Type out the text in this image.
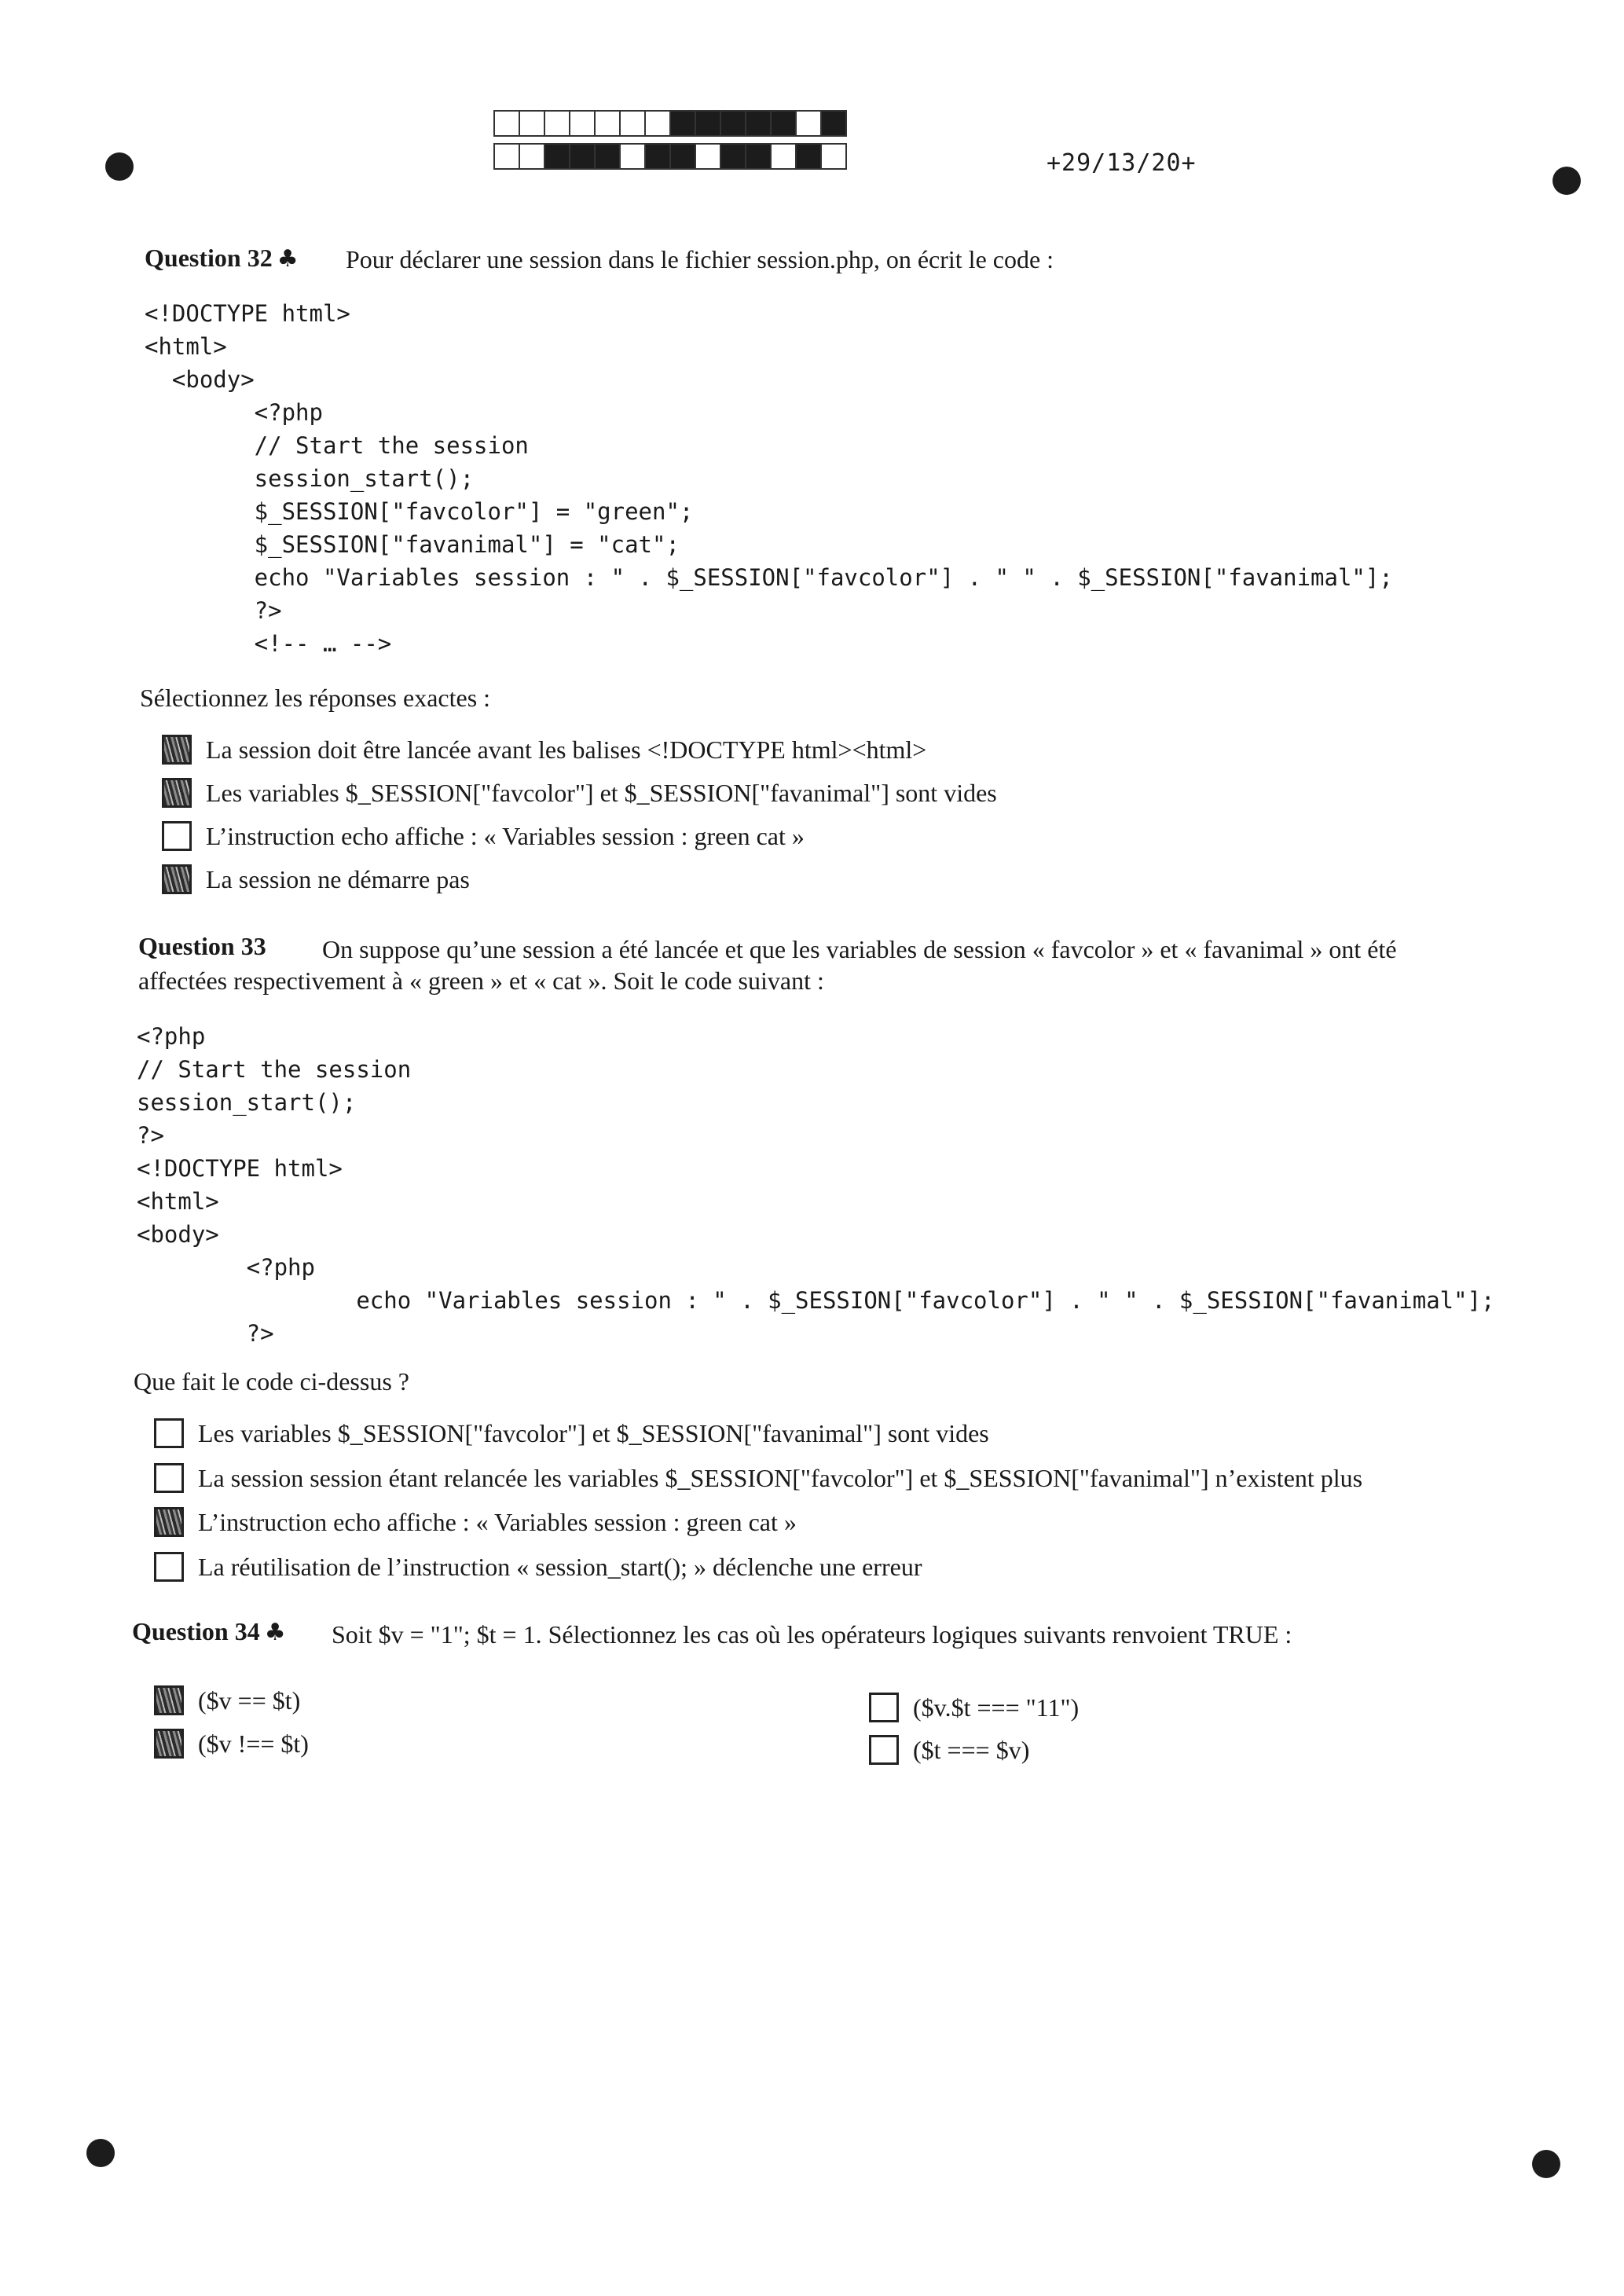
+29/13/20+
Question 32 ♣ Pour déclarer une session dans le fichier session.php, on écrit le code :
<!DOCTYPE html>
<html>
<body>
<?php
// Start the session
session_start();
$_SESSION["favcolor"] = "green";
$_SESSION["favanimal"] = "cat";
echo "Variables session : " . $_SESSION["favcolor"] . " " . $_SESSION["favanimal"];
?>
<!-- … -->
Sélectionnez les réponses exactes :
La session doit être lancée avant les balises <!DOCTYPE html><html>
Les variables $_SESSION["favcolor"] et $_SESSION["favanimal"] sont vides
L’instruction echo affiche : « Variables session : green cat »
La session ne démarre pas
Question 33 On suppose qu’une session a été lancée et que les variables de session « favcolor » et « favanimal » ont été
affectées respectivement à « green » et « cat ». Soit le code suivant :
<?php
// Start the session
session_start();
?>
<!DOCTYPE html>
<html>
<body>
<?php
echo "Variables session : " . $_SESSION["favcolor"] . " " . $_SESSION["favanimal"];
?>
Que fait le code ci-dessus ?
Les variables $_SESSION["favcolor"] et $_SESSION["favanimal"] sont vides
La session session étant relancée les variables $_SESSION["favcolor"] et $_SESSION["favanimal"] n’existent plus
L’instruction echo affiche : « Variables session : green cat »
La réutilisation de l’instruction « session_start(); » déclenche une erreur
Question 34 ♣ Soit $v = "1"; $t = 1. Sélectionnez les cas où les opérateurs logiques suivants renvoient TRUE :
($v == $t)
($v !== $t)
($v.$t === "11")
($t === $v)
